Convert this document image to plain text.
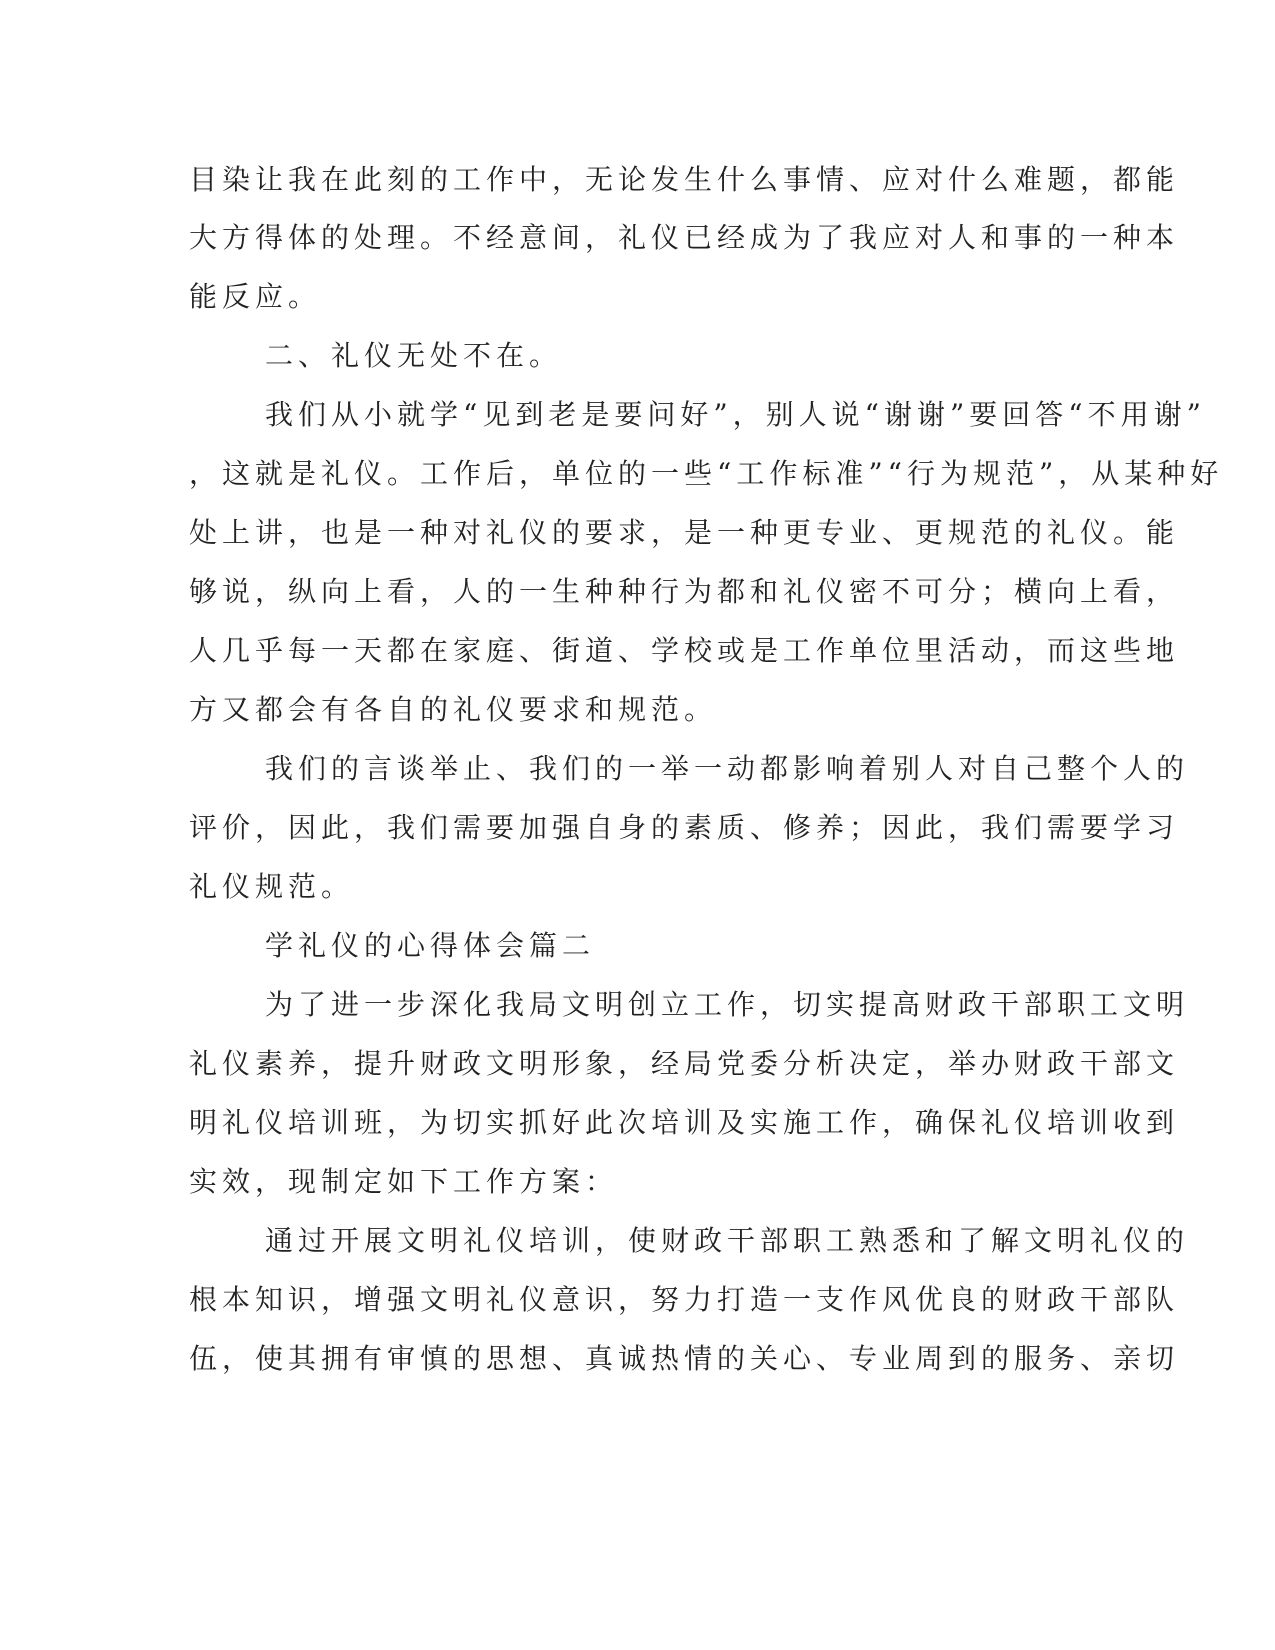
目染让我在此刻的工作中，无论发生什么事情、应对什么难题，都能
大方得体的处理。不经意间，礼仪已经成为了我应对人和事的一种本
能反应。
二、礼仪无处不在。
我们从小就学“见到老是要问好”，别人说“谢谢”要回答“不用谢”
，这就是礼仪。工作后，单位的一些“工作标准”“行为规范”，从某种好
处上讲，也是一种对礼仪的要求，是一种更专业、更规范的礼仪。能
够说，纵向上看，人的一生种种行为都和礼仪密不可分；横向上看，
人几乎每一天都在家庭、街道、学校或是工作单位里活动，而这些地
方又都会有各自的礼仪要求和规范。
我们的言谈举止、我们的一举一动都影响着别人对自己整个人的
评价，因此，我们需要加强自身的素质、修养；因此，我们需要学习
礼仪规范。
学礼仪的心得体会篇二
为了进一步深化我局文明创立工作，切实提高财政干部职工文明
礼仪素养，提升财政文明形象，经局党委分析决定，举办财政干部文
明礼仪培训班，为切实抓好此次培训及实施工作，确保礼仪培训收到
实效，现制定如下工作方案：
通过开展文明礼仪培训，使财政干部职工熟悉和了解文明礼仪的
根本知识，增强文明礼仪意识，努力打造一支作风优良的财政干部队
伍，使其拥有审慎的思想、真诚热情的关心、专业周到的服务、亲切
